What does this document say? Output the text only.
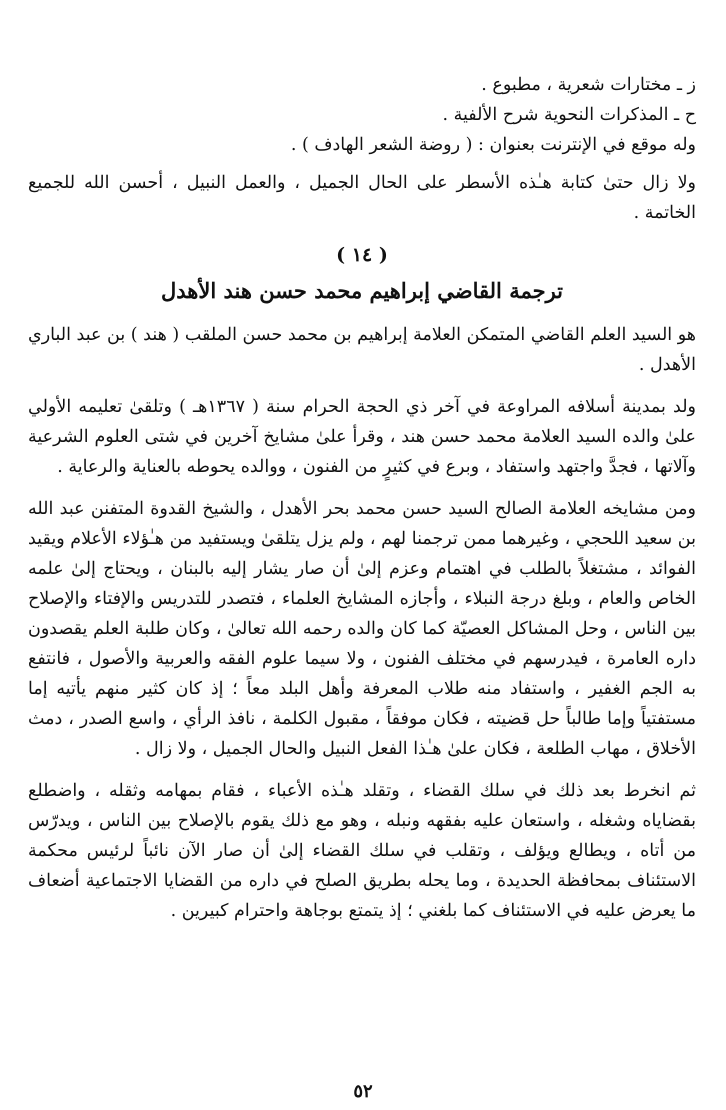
ز ـ مختارات شعرية ، مطبوع .

ح ـ المذكرات النحوية شرح الألفية .

وله موقع في الإنترنت بعنوان : ( روضة الشعر الهادف ) .

ولا زال حتىٰ كتابة هـٰذه الأسطر على الحال الجميل ، والعمل النبيل ، أحسن الله للجميع الخاتمة .

( ١٤ )
ترجمة القاضي إبراهيم محمد حسن هند الأهدل

هو السيد العلم القاضي المتمكن العلامة إبراهيم بن محمد حسن الملقب ( هند ) بن عبد الباري الأهدل .

ولد بمدينة أسلافه المراوعة في آخر ذي الحجة الحرام سنة ( ١٣٦٧هـ ) وتلقىٰ تعليمه الأولي علىٰ والده السيد العلامة محمد حسن هند ، وقرأ علىٰ مشايخ آخرين في شتى العلوم الشرعية وآلاتها ، فجدَّ واجتهد واستفاد ، وبرع في كثيرٍ من الفنون ، ووالده يحوطه بالعناية والرعاية .

ومن مشايخه العلامة الصالح السيد حسن محمد بحر الأهدل ، والشيخ القدوة المتفنن عبد الله بن سعيد اللحجي ، وغيرهما ممن ترجمنا لهم ، ولم يزل يتلقىٰ ويستفيد من هـٰؤلاء الأعلام ويقيد الفوائد ، مشتغلاً بالطلب في اهتمام وعزم إلىٰ أن صار يشار إليه بالبنان ، ويحتاج إلىٰ علمه الخاص والعام ، وبلغ درجة النبلاء ، وأجازه المشايخ العلماء ، فتصدر للتدريس والإفتاء والإصلاح بين الناس ، وحل المشاكل العصيّة كما كان والده رحمه الله تعالىٰ ، وكان طلبة العلم يقصدون داره العامرة ، فيدرسهم في مختلف الفنون ، ولا سيما علوم الفقه والعربية والأصول ، فانتفع به الجم الغفير ، واستفاد منه طلاب المعرفة وأهل البلد معاً ؛ إذ كان كثير منهم يأتيه إما مستفتياً وإما طالباً حل قضيته ، فكان موفقاً ، مقبول الكلمة ، نافذ الرأي ، واسع الصدر ، دمث الأخلاق ، مهاب الطلعة ، فكان علىٰ هـٰذا الفعل النبيل والحال الجميل ، ولا زال .

ثم انخرط بعد ذلك في سلك القضاء ، وتقلد هـٰذه الأعباء ، فقام بمهامه وثقله ، واضطلع بقضاياه وشغله ، واستعان عليه بفقهه ونبله ، وهو مع ذلك يقوم بالإصلاح بين الناس ، ويدرّس من أتاه ، ويطالع ويؤلف ، وتقلب في سلك القضاء إلىٰ أن صار الآن نائباً لرئيس محكمة الاستئناف بمحافظة الحديدة ، وما يحله بطريق الصلح في داره من القضايا الاجتماعية أضعاف ما يعرض عليه في الاستئناف كما بلغني ؛ إذ يتمتع بوجاهة واحترام كبيرين .

٥٢
